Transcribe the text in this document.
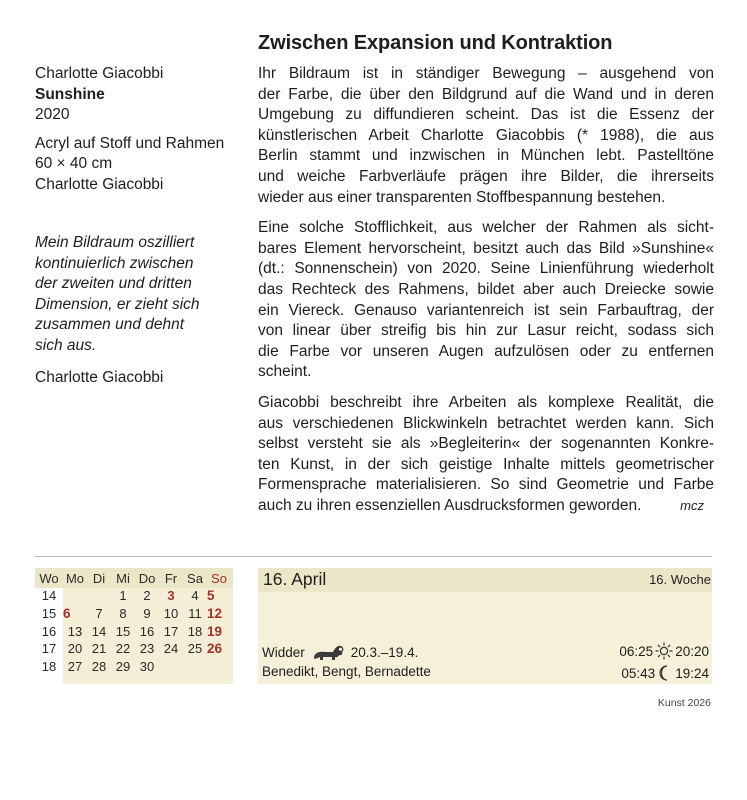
Charlotte Giacobbi
Sunshine
2020
Acryl auf Stoff und Rahmen
60 × 40 cm
Charlotte Giacobbi
Mein Bildraum oszilliert
kontinuierlich zwischen
der zweiten und dritten
Dimension, er zieht sich
zusammen und dehnt
sich aus.
Charlotte Giacobbi
Zwischen Expansion und Kontraktion

Ihr Bildraum ist in ständiger Bewegung – ausgehend von
der Farbe, die über den Bildgrund auf die Wand und in deren
Umgebung zu diffundieren scheint. Das ist die Essenz der
künstlerischen Arbeit Charlotte Giacobbis (* 1988), die aus
Berlin stammt und inzwischen in München lebt. Pastelltöne
und weiche Farbverläufe prägen ihre Bilder, die ihrerseits
wieder aus einer transparenten Stoffbespannung bestehen.

Eine solche Stofflichkeit, aus welcher der Rahmen als sicht-
bares Element hervorscheint, besitzt auch das Bild »Sunshine«
(dt.: Sonnenschein) von 2020. Seine Linienführung wiederholt
das Rechteck des Rahmens, bildet aber auch Dreiecke sowie
ein Viereck. Genauso variantenreich ist sein Farbauftrag, der
von linear über streifig bis hin zur Lasur reicht, sodass sich
die Farbe vor unseren Augen aufzulösen oder zu entfernen
scheint.

Giacobbi beschreibt ihre Arbeiten als komplexe Realität, die
aus verschiedenen Blickwinkeln betrachtet werden kann. Sich
selbst versteht sie als »Begleiterin« der sogenannten Konkre-
ten Kunst, in der sich geistige Inhalte mittels geometrischer
Formensprache materialisieren. So sind Geometrie und Farbe
auch zu ihren essenziellen Ausdrucksformen geworden.	mcz

Wo	Mo	Di	Mi	Do	Fr	Sa	So
14			1	2	3	4	5

15	6	7	8	9	10	11	12

16	13	14	15	16	17	18	19

17	20	21	22	23	24	25	26

18	27	28	29	30			
16. April	16. Woche
Widder	20.3.–19.4.
Benedikt, Bengt, Bernadette
06:25 20:20
05:43 19:24
Kunst 2026
